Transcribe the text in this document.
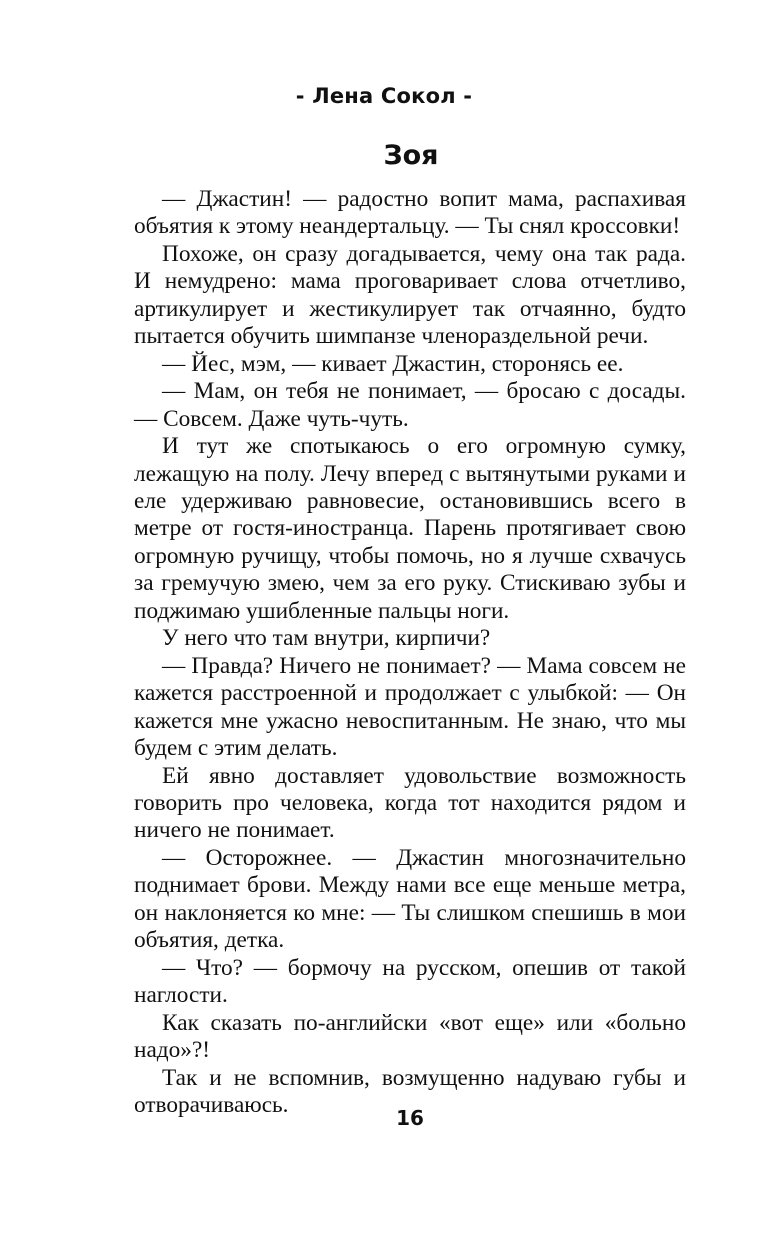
- Лена Сокол -
Зоя

— Джастин! — радостно вопит мама, распахивая объятия к этому неандертальцу. — Ты снял кроссовки!

Похоже, он сразу догадывается, чему она так рада. И немудрено: мама проговаривает слова отчетливо, артикулирует и жестикулирует так отчаянно, будто пытается обучить шимпанзе членораздельной речи.

— Йес, мэм, — кивает Джастин, сторонясь ее.

— Мам, он тебя не понимает, — бросаю с досады. — Совсем. Даже чуть-чуть.

И тут же спотыкаюсь о его огромную сумку, лежащую на полу. Лечу вперед с вытянутыми руками и еле удерживаю равновесие, остановившись всего в метре от гостя-иностранца. Парень протягивает свою огромную ручищу, чтобы помочь, но я лучше схвачусь за гремучую змею, чем за его руку. Стискиваю зубы и поджимаю ушибленные пальцы ноги.

У него что там внутри, кирпичи?

— Правда? Ничего не понимает? — Мама совсем не кажется расстроенной и продолжает с улыбкой: — Он кажется мне ужасно невоспитанным. Не знаю, что мы будем с этим делать.

Ей явно доставляет удовольствие возможность говорить про человека, когда тот находится рядом и ничего не понимает.

— Осторожнее. — Джастин многозначительно поднимает брови. Между нами все еще меньше метра, он наклоняется ко мне: — Ты слишком спешишь в мои объятия, детка.

— Что? — бормочу на русском, опешив от такой наглости.

Как сказать по-английски «вот еще» или «больно надо»?!

Так и не вспомнив, возмущенно надуваю губы и отворачиваюсь.

16
